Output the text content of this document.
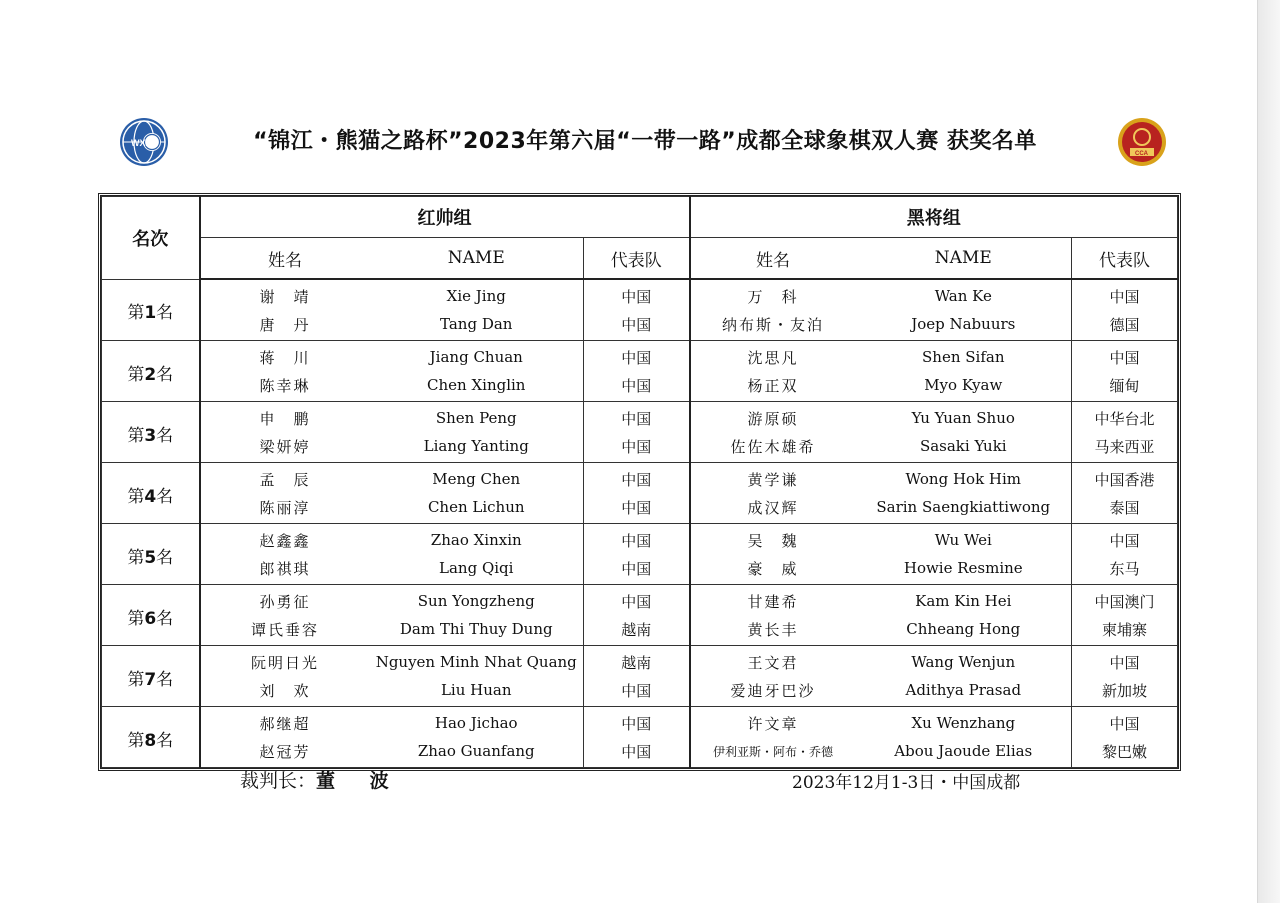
WXF	“锦江・熊猫之路杯”2023年第六届“一带一路”成都全球象棋双人赛 获奖名单	CCA
名次	红帅组			黑将组		
	姓名	NAME	代表队	姓名	NAME	代表队
第1名	谢　靖	Xie Jing	中国	万　科	Wan Ke	中国
	唐　丹	Tang Dan	中国	纳布斯・友泊	Joep Nabuurs	德国
第2名	蒋　川	Jiang Chuan	中国	沈思凡	Shen Sifan	中国
	陈幸琳	Chen Xinglin	中国	杨正双	Myo Kyaw	缅甸
第3名	申　鹏	Shen Peng	中国	游原硕	Yu Yuan Shuo	中华台北
	梁妍婷	Liang Yanting	中国	佐佐木雄希	Sasaki Yuki	马来西亚
第4名	孟　辰	Meng Chen	中国	黄学谦	Wong Hok Him	中国香港
	陈丽淳	Chen Lichun	中国	成汉辉	Sarin Saengkiattiwong	泰国
第5名	赵鑫鑫	Zhao Xinxin	中国	吴　魏	Wu Wei	中国
	郎祺琪	Lang Qiqi	中国	豪　威	Howie Resmine	东马
第6名	孙勇征	Sun Yongzheng	中国	甘建希	Kam Kin Hei	中国澳门
	谭氏垂容	Dam Thi Thuy Dung	越南	黄长丰	Chheang Hong	柬埔寨
第7名	阮明日光	Nguyen Minh Nhat Quang	越南	王文君	Wang Wenjun	中国
	刘　欢	Liu Huan	中国	爱迪牙巴沙	Adithya Prasad	新加坡
第8名	郝继超	Hao Jichao	中国	许文章	Xu Wenzhang	中国
	赵冠芳	Zhao Guanfang	中国	伊利亚斯・阿布・乔德	Abou Jaoude Elias	黎巴嫩
裁判长：董 波	2023年12月1-3日・中国成都
